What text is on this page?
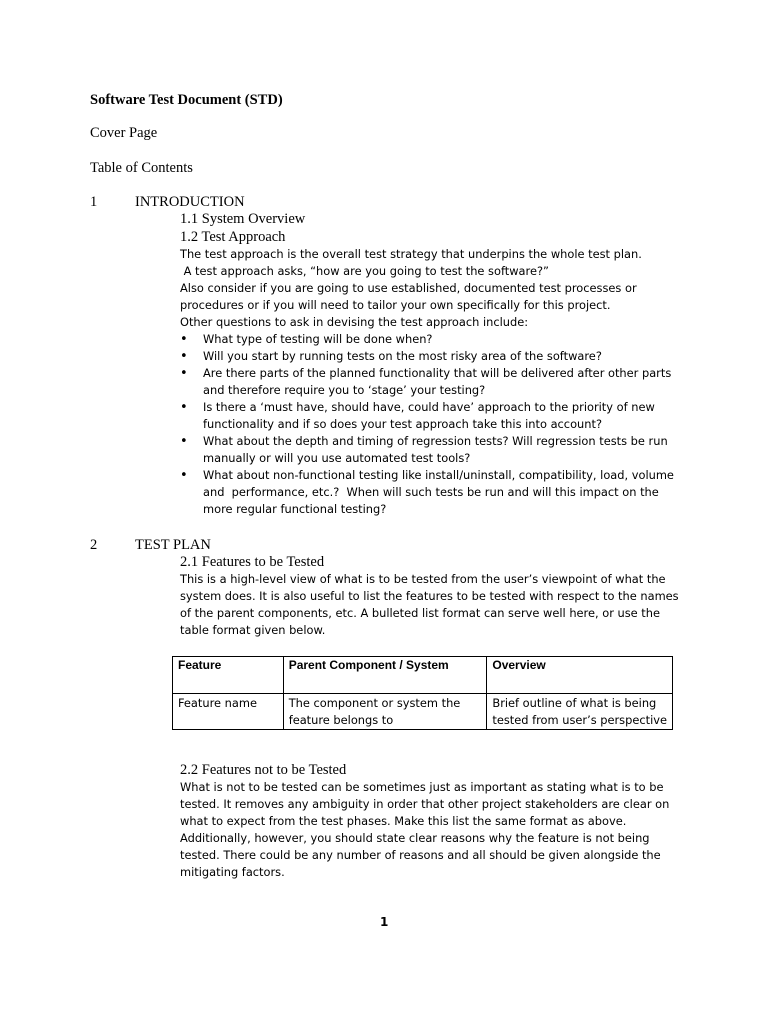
Software Test Document (STD)

Cover Page

Table of Contents

1	INTRODUCTION

1.1 System Overview

1.2 Test Approach

The test approach is the overall test strategy that underpins the whole test plan.

A test approach asks, “how are you going to test the software?”

Also consider if you are going to use established, documented test processes or

procedures or if you will need to tailor your own specifically for this project.

Other questions to ask in devising the test approach include:

• What type of testing will be done when?
• Will you start by running tests on the most risky area of the software?
• Are there parts of the planned functionality that will be delivered after other parts
and therefore require you to ‘stage’ your testing?
• Is there a ‘must have, should have, could have’ approach to the priority of new
functionality and if so does your test approach take this into account?
• What about the depth and timing of regression tests? Will regression tests be run
manually or will you use automated test tools?
• What about non-functional testing like install/uninstall, compatibility, load, volume
and  performance, etc.?  When will such tests be run and will this impact on the
more regular functional testing?

2	TEST PLAN

2.1 Features to be Tested

This is a high-level view of what is to be tested from the user’s viewpoint of what the

system does. It is also useful to list the features to be tested with respect to the names

of the parent components, etc. A bulleted list format can serve well here, or use the

table format given below.

Feature	Parent Component / System	Overview
Feature name	The component or system the
feature belongs to	Brief outline of what is being
tested from user’s perspective

2.2 Features not to be Tested

What is not to be tested can be sometimes just as important as stating what is to be

tested. It removes any ambiguity in order that other project stakeholders are clear on

what to expect from the test phases. Make this list the same format as above.

Additionally, however, you should state clear reasons why the feature is not being

tested. There could be any number of reasons and all should be given alongside the

mitigating factors.

1
